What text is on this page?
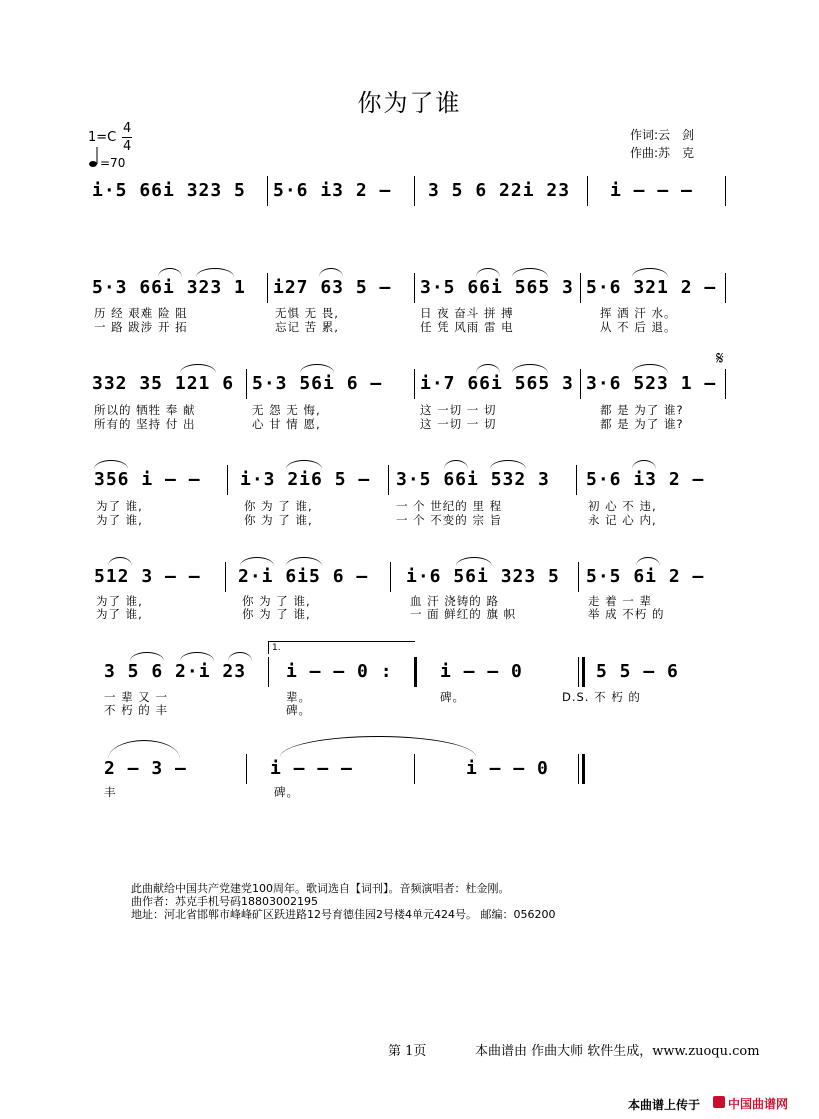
你为了谁
1=C
4
4
=70
作词:云　剑
作曲:苏　克
i·5 66i 323 5 5·6 i3 2 – 3 5 6 22i 23 i – – –
5·3 66i 323 1 i27 63 5 – 3·5 66i 565 3 5·6 321 2 –
历 经 艰难 险 阻	无惧 无 畏,	日 夜 奋斗 拼 搏	挥 洒 汗 水。
一 路 跋涉 开 拓	忘记 苦 累,	任 凭 风雨 雷 电	从 不 后 退。
𝄋
332 35 121 6 5·3 56i 6 – i·7 66i 565 3 3·6 523 1 –
所以的 牺牲 奉 献	无 怨 无 悔,	这 一切 一 切	都 是 为了 谁?
所有的 坚持 付 出	心 甘 情 愿,	这 一切 一 切	都 是 为了 谁?
356 i – – i·3 2i6 5 – 3·5 66i 532 3 5·6 i3 2 –
为了 谁,	你 为 了 谁,	一 个 世纪的 里 程	初 心 不 违,
为了 谁,	你 为 了 谁,	一 个 不变的 宗 旨	永 记 心 内,
512 3 – – 2·i 6i5 6 – i·6 56i 323 5 5·5 6i 2 –
为了 谁,	你 为 了 谁,	血 汗 浇铸的 路	走 着 一 辈
为了 谁,	你 为 了 谁,	一 面 鲜红的 旗 帜	举 成 不朽 的
1.
3 5 6 2·i 23 i – – 0 :	i – – 0	5 5 – 6
一 辈 又 一	辈。	碑。	D.S. 不 朽 的
不 朽 的 丰	碑。
2 – 3 –	i – – –	i – – 0
丰	碑。
此曲献给中国共产党建党100周年。歌词选自【词刊】。音频演唱者：杜金刚。
曲作者：苏克手机号码18803002195
地址：河北省邯郸市峰峰矿区跃进路12号育德佳园2号楼4单元424号。 邮编：056200
第 1页	本曲谱由 作曲大师 软件生成，www.zuoqu.com
本曲谱上传于 中国曲谱网
